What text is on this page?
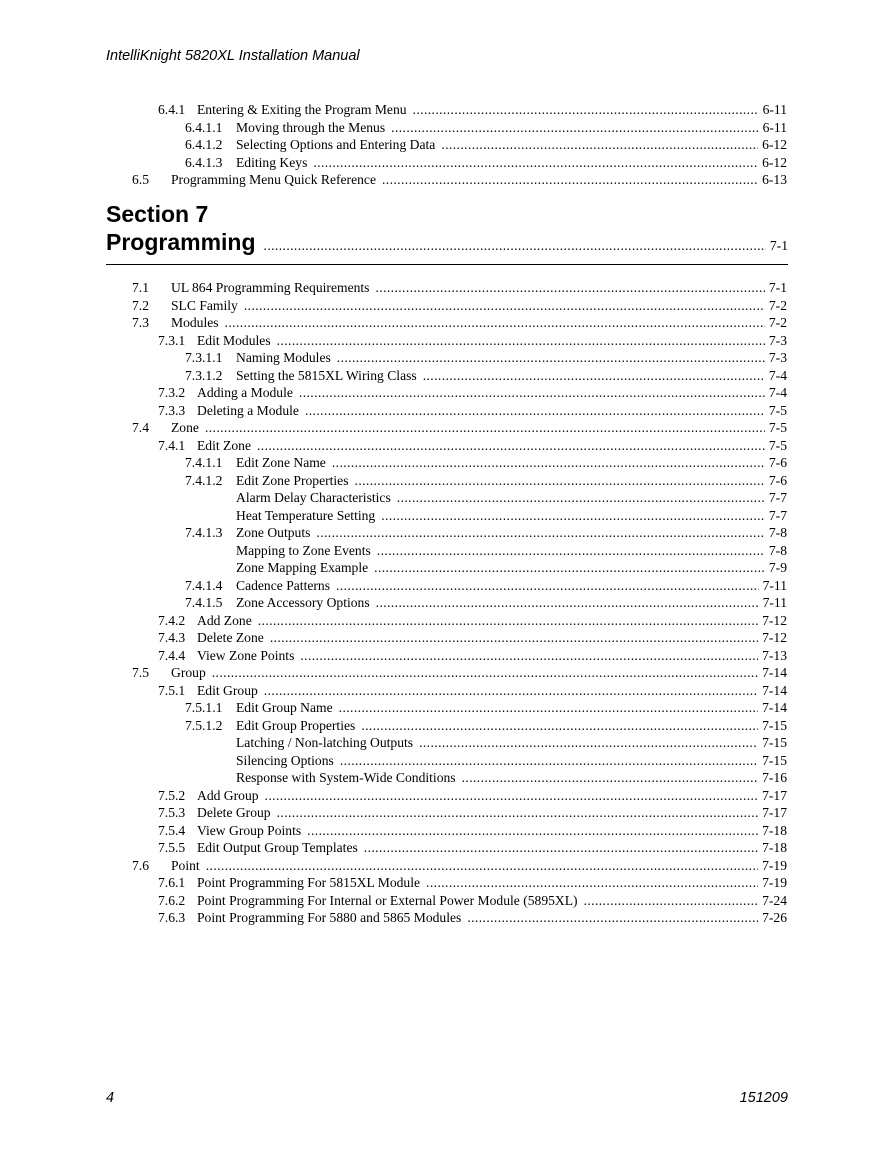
IntelliKnight 5820XL Installation Manual
6.4.1 Entering & Exiting the Program Menu . . .	6-11
6.4.1.1	Moving through the Menus . . .	6-11
6.4.1.2	Selecting Options and Entering Data . . .	6-12
6.4.1.3	Editing Keys . . .	6-12
6.5	Programming Menu Quick Reference . . .	6-13
Section 7
Programming . . .	7-1
7.1	UL 864 Programming Requirements . . .	7-1
7.2	SLC Family . . .	7-2
7.3	Modules . . .	7-2
7.3.1 Edit Modules . . .	7-3
7.3.1.1	Naming Modules . . .	7-3
7.3.1.2	Setting the 5815XL Wiring Class . . .	7-4
7.3.2 Adding a Module . . .	7-4
7.3.3 Deleting a Module . . .	7-5
7.4	Zone . . .	7-5
7.4.1 Edit Zone . . .	7-5
7.4.1.1	Edit Zone Name . . .	7-6
7.4.1.2	Edit Zone Properties . . .	7-6
Alarm Delay Characteristics . . .	7-7
Heat Temperature Setting . . .	7-7
7.4.1.3	Zone Outputs . . .	7-8
Mapping to Zone Events . . .	7-8
Zone Mapping Example . . .	7-9
7.4.1.4	Cadence Patterns . . .	7-11
7.4.1.5	Zone Accessory Options . . .	7-11
7.4.2 Add Zone . . .	7-12
7.4.3 Delete Zone . . .	7-12
7.4.4 View Zone Points . . .	7-13
7.5	Group . . .	7-14
7.5.1 Edit Group . . .	7-14
7.5.1.1	Edit Group Name . . .	7-14
7.5.1.2	Edit Group Properties . . .	7-15
Latching / Non-latching Outputs . . .	7-15
Silencing Options . . .	7-15
Response with System-Wide Conditions . . .	7-16
7.5.2 Add Group . . .	7-17
7.5.3 Delete Group . . .	7-17
7.5.4 View Group Points . . .	7-18
7.5.5 Edit Output Group Templates . . .	7-18
7.6	Point . . .	7-19
7.6.1 Point Programming For 5815XL Module . . .	7-19
7.6.2 Point Programming For Internal or External Power Module (5895XL) . . .	7-24
7.6.3 Point Programming For 5880 and 5865 Modules . . .	7-26
4	151209
